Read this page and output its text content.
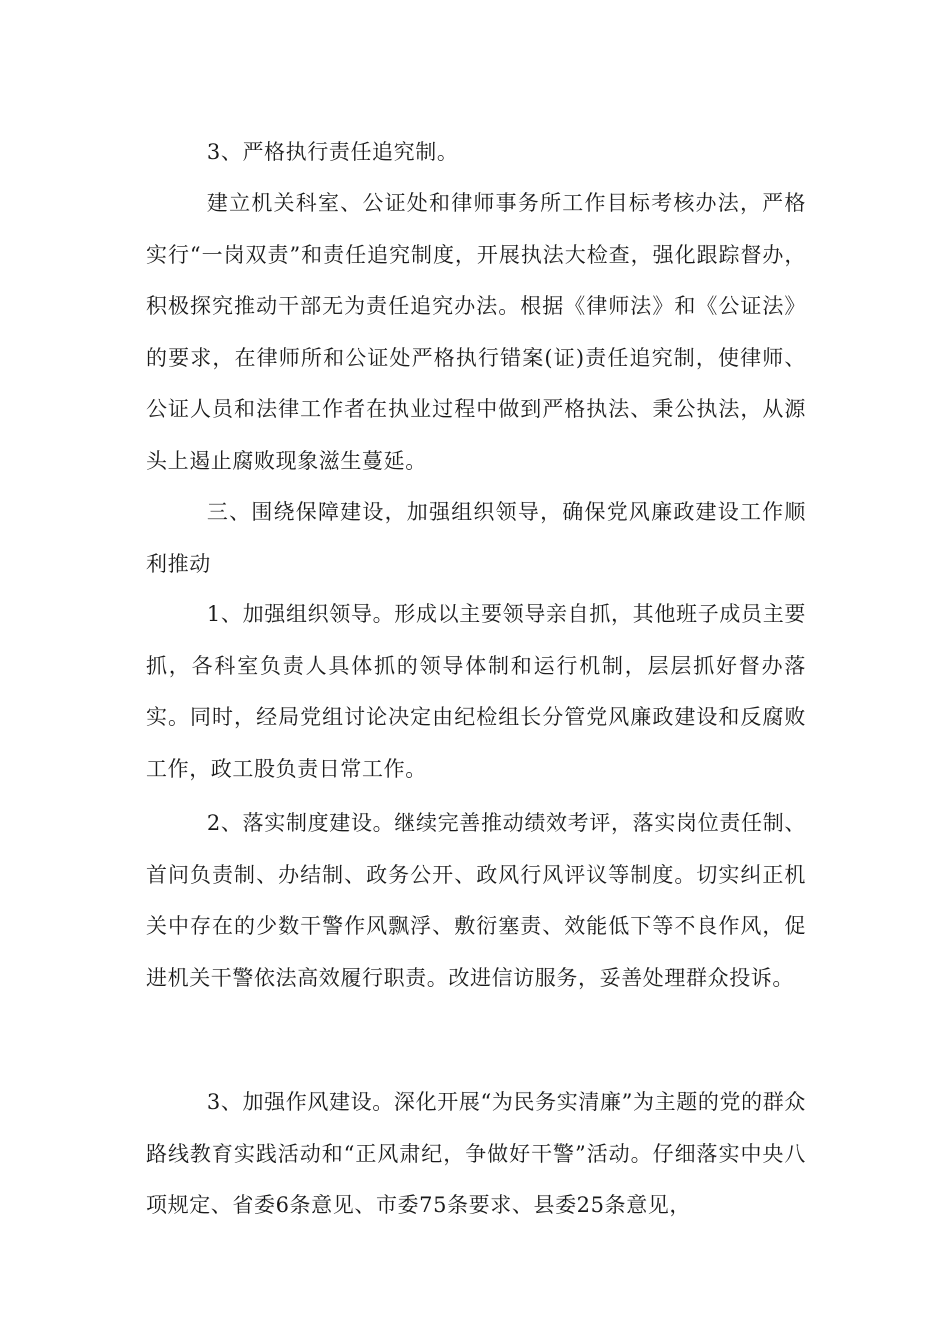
3、严格执行责任追究制。

建立机关科室、公证处和律师事务所工作目标考核办法，严格实行“一岗双责”和责任追究制度，开展执法大检查，强化跟踪督办，积极探究推动干部无为责任追究办法。根据《律师法》和《公证法》的要求，在律师所和公证处严格执行错案(证)责任追究制，使律师、公证人员和法律工作者在执业过程中做到严格执法、秉公执法，从源头上遏止腐败现象滋生蔓延。

三、围绕保障建设，加强组织领导，确保党风廉政建设工作顺利推动

1、加强组织领导。形成以主要领导亲自抓，其他班子成员主要抓，各科室负责人具体抓的领导体制和运行机制，层层抓好督办落实。同时，经局党组讨论决定由纪检组长分管党风廉政建设和反腐败工作，政工股负责日常工作。

2、落实制度建设。继续完善推动绩效考评，落实岗位责任制、首问负责制、办结制、政务公开、政风行风评议等制度。切实纠正机关中存在的少数干警作风飘浮、敷衍塞责、效能低下等不良作风，促进机关干警依法高效履行职责。改进信访服务，妥善处理群众投诉。

3、加强作风建设。深化开展“为民务实清廉”为主题的党的群众路线教育实践活动和“正风肃纪，争做好干警”活动。仔细落实中央八项规定、省委6条意见、市委75条要求、县委25条意见，
